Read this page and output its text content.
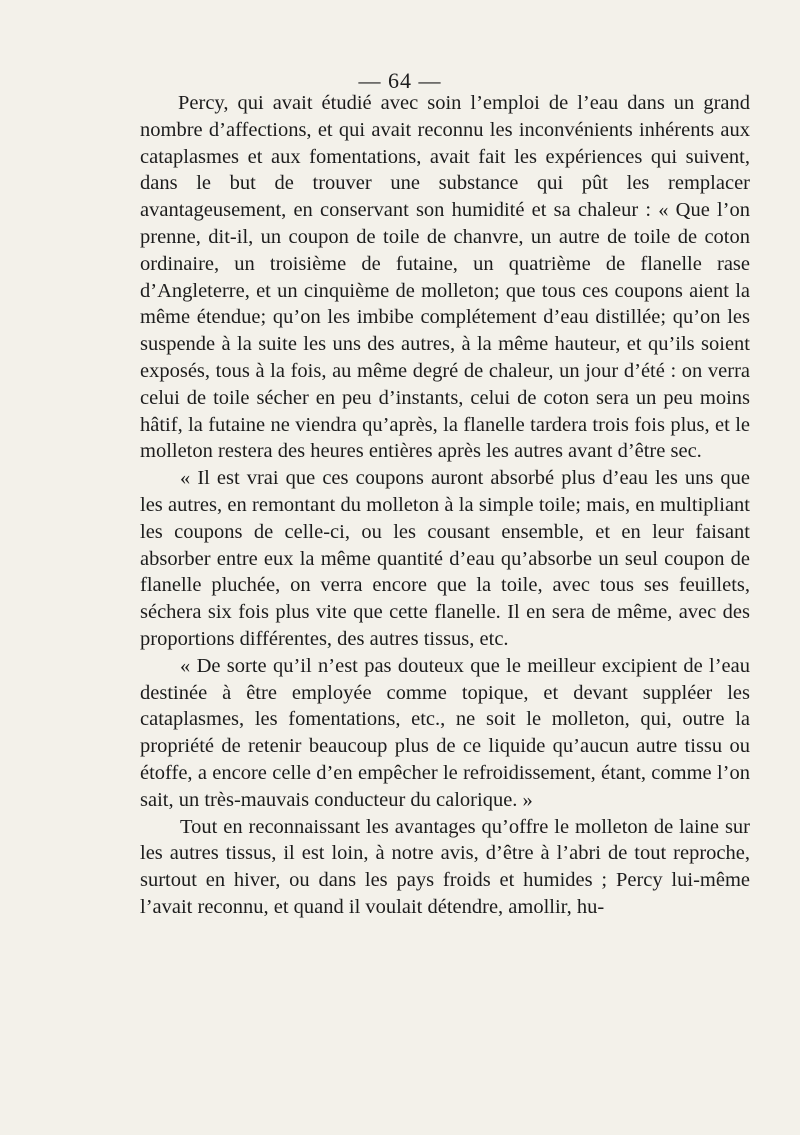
— 64 —

Percy, qui avait étudié avec soin l’emploi de l’eau dans un grand nombre d’affections, et qui avait reconnu les inconvénients inhérents aux cataplasmes et aux fomentations, avait fait les expériences qui suivent, dans le but de trouver une substance qui pût les remplacer avantageusement, en conservant son humidité et sa chaleur : « Que l’on prenne, dit-il, un coupon de toile de chanvre, un autre de toile de coton ordinaire, un troisième de futaine, un quatrième de flanelle rase d’Angleterre, et un cinquième de molleton; que tous ces coupons aient la même étendue; qu’on les imbibe complétement d’eau distillée; qu’on les suspende à la suite les uns des autres, à la même hauteur, et qu’ils soient exposés, tous à la fois, au même degré de chaleur, un jour d’été : on verra celui de toile sécher en peu d’instants, celui de coton sera un peu moins hâtif, la futaine ne viendra qu’après, la flanelle tardera trois fois plus, et le molleton restera des heures entières après les autres avant d’être sec.

« Il est vrai que ces coupons auront absorbé plus d’eau les uns que les autres, en remontant du molleton à la simple toile; mais, en multipliant les coupons de celle-ci, ou les cousant ensemble, et en leur faisant absorber entre eux la même quantité d’eau qu’absorbe un seul coupon de flanelle pluchée, on verra encore que la toile, avec tous ses feuillets, séchera six fois plus vite que cette flanelle. Il en sera de même, avec des proportions différentes, des autres tissus, etc.

« De sorte qu’il n’est pas douteux que le meilleur excipient de l’eau destinée à être employée comme topique, et devant suppléer les cataplasmes, les fomentations, etc., ne soit le molleton, qui, outre la propriété de retenir beaucoup plus de ce liquide qu’aucun autre tissu ou étoffe, a encore celle d’en empêcher le refroidissement, étant, comme l’on sait, un très-mauvais conducteur du calorique. »

Tout en reconnaissant les avantages qu’offre le molleton de laine sur les autres tissus, il est loin, à notre avis, d’être à l’abri de tout reproche, surtout en hiver, ou dans les pays froids et humides ; Percy lui-même l’avait reconnu, et quand il voulait détendre, amollir, hu-
